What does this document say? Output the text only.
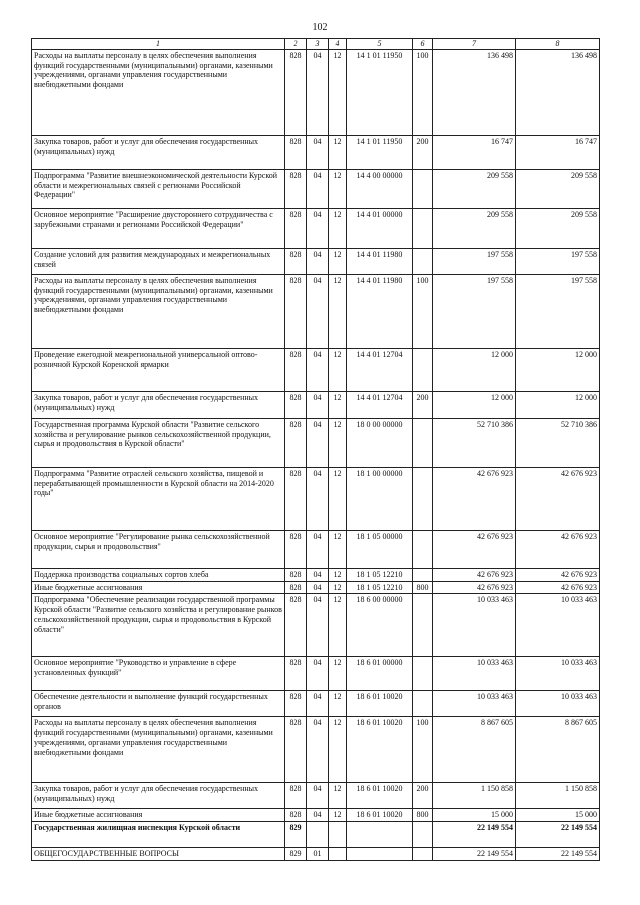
102
1	2	3	4	5	6	7	8
Расходы на выплаты персоналу в целях обеспечения выполнения функций государственными (муниципальными) органами, казенными учреждениями, органами управления государственными внебюджетными фондами	828	04	12	14 1 01 11950	100	136 498	136 498
Закупка товаров, работ и услуг для обеспечения государственных (муниципальных) нужд	828	04	12	14 1 01 11950	200	16 747	16 747
Подпрограмма "Развитие внешнеэкономической деятельности Курской области и межрегиональных связей с регионами Российской Федерации"	828	04	12	14 4 00 00000		209 558	209 558
Основное мероприятие "Расширение двустороннего сотрудничества с зарубежными странами и регионами Российской Федерации"	828	04	12	14 4 01 00000		209 558	209 558
Создание условий для развития международных и межрегиональных связей	828	04	12	14 4 01 11980		197 558	197 558
Расходы на выплаты персоналу в целях обеспечения выполнения функций государственными (муниципальными) органами, казенными учреждениями, органами управления государственными внебюджетными фондами	828	04	12	14 4 01 11980	100	197 558	197 558
Проведение ежегодной межрегиональной универсальной оптово-розничной Курской Коренской ярмарки	828	04	12	14 4 01 12704		12 000	12 000
Закупка товаров, работ и услуг для обеспечения государственных (муниципальных) нужд	828	04	12	14 4 01 12704	200	12 000	12 000
Государственная программа Курской области "Развитие сельского хозяйства и регулирование рынков сельскохозяйственной продукции, сырья и продовольствия в Курской области"	828	04	12	18 0 00 00000		52 710 386	52 710 386
Подпрограмма "Развитие отраслей сельского хозяйства, пищевой и перерабатывающей промышленности в Курской области на 2014-2020 годы"	828	04	12	18 1 00 00000		42 676 923	42 676 923
Основное мероприятие "Регулирование рынка сельскохозяйственной продукции, сырья и продовольствия"	828	04	12	18 1 05 00000		42 676 923	42 676 923
Поддержка производства социальных сортов хлеба	828	04	12	18 1 05 12210		42 676 923	42 676 923
Иные бюджетные ассигнования	828	04	12	18 1 05 12210	800	42 676 923	42 676 923
Подпрограмма "Обеспечение реализации государственной программы Курской области "Развитие сельского хозяйства и регулирование рынков сельскохозяйственной продукции, сырья и продовольствия в Курской области"	828	04	12	18 6 00 00000		10 033 463	10 033 463
Основное мероприятие "Руководство и управление в сфере установленных функций"	828	04	12	18 6 01 00000		10 033 463	10 033 463
Обеспечение деятельности и выполнение функций государственных органов	828	04	12	18 6 01 10020		10 033 463	10 033 463
Расходы на выплаты персоналу в целях обеспечения выполнения функций государственными (муниципальными) органами, казенными учреждениями, органами управления государственными внебюджетными фондами	828	04	12	18 6 01 10020	100	8 867 605	8 867 605
Закупка товаров, работ и услуг для обеспечения государственных (муниципальных) нужд	828	04	12	18 6 01 10020	200	1 150 858	1 150 858
Иные бюджетные ассигнования	828	04	12	18 6 01 10020	800	15 000	15 000
Государственная жилищная инспекция Курской области	829					22 149 554	22 149 554
ОБЩЕГОСУДАРСТВЕННЫЕ ВОПРОСЫ	829	01				22 149 554	22 149 554
